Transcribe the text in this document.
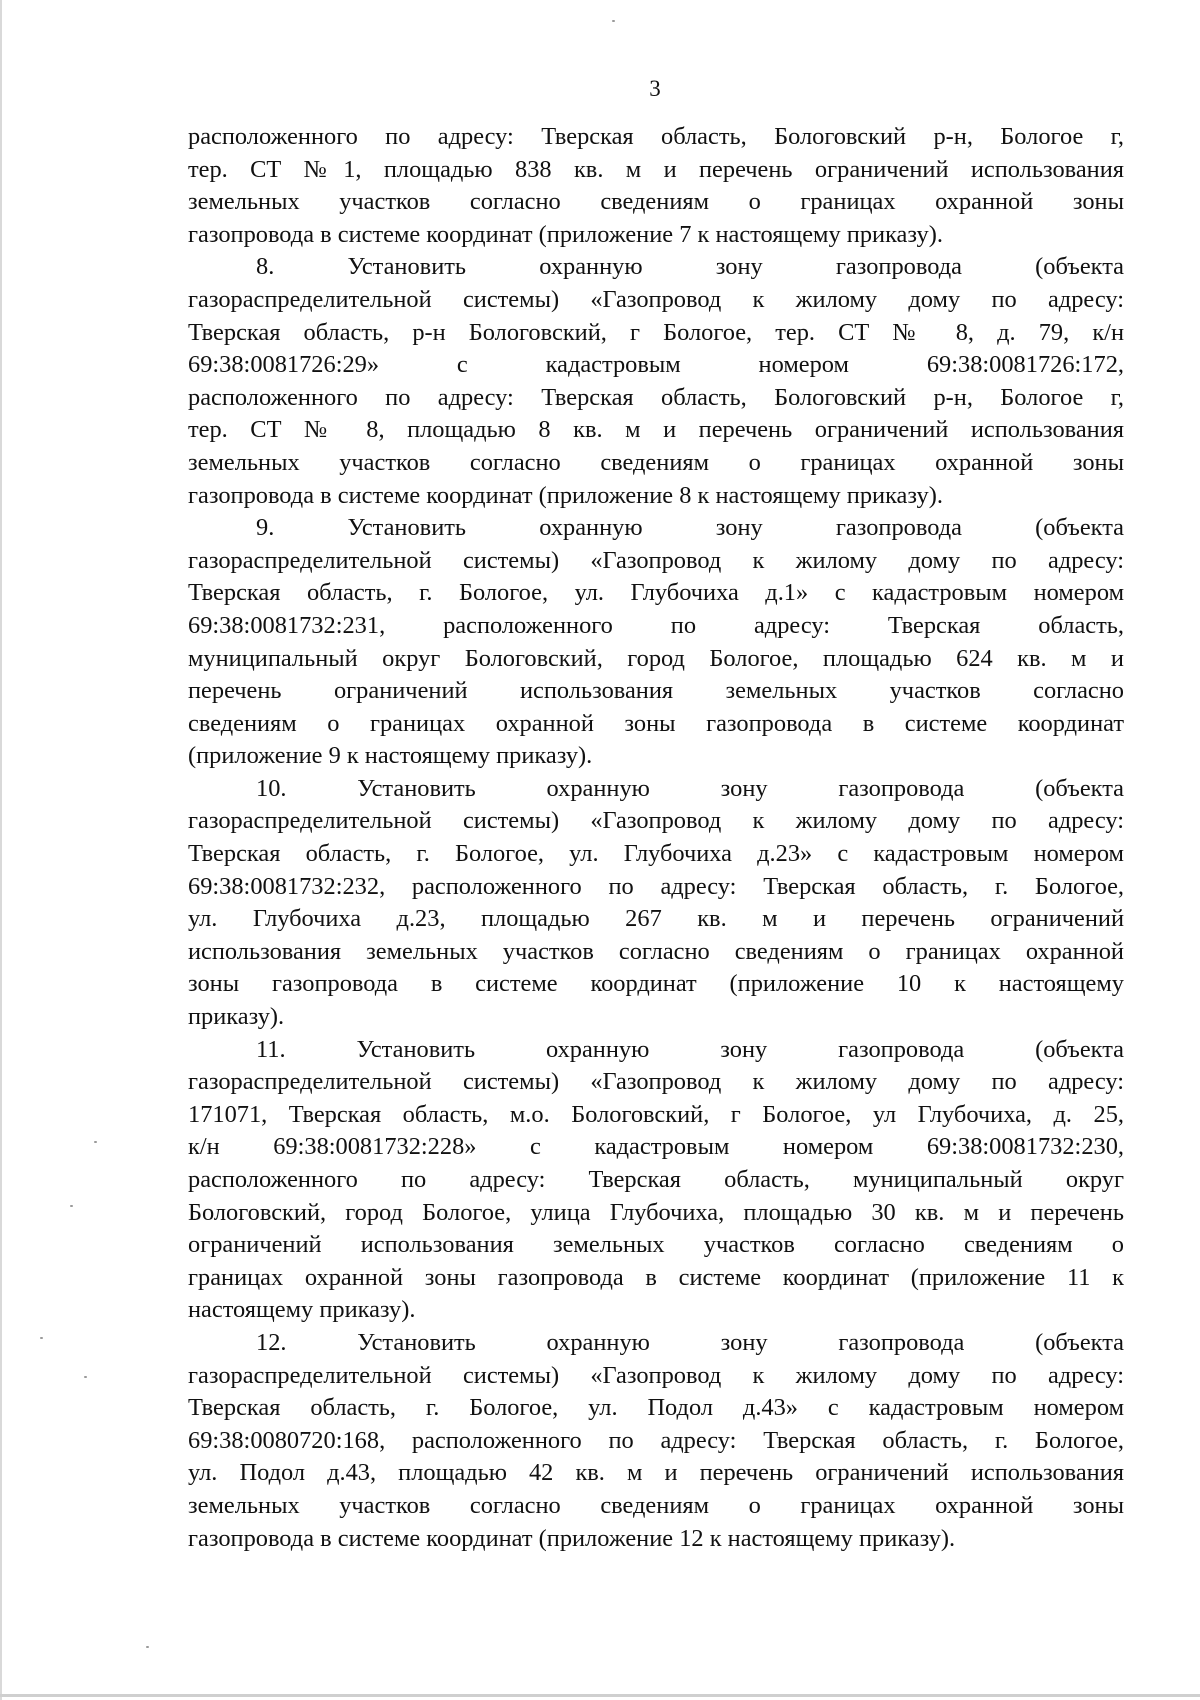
3
расположенного по адресу: Тверская область, Бологовский р-н, Бологое г,
тер. СТ №1, площадью 838 кв. м и перечень ограничений использования
земельных участков согласно сведениям о границах охранной зоны
газопровода в системе координат (приложение 7 к настоящему приказу).
8. Установить охранную зону газопровода (объекта
газораспределительной системы) «Газопровод к жилому дому по адресу:
Тверская область, р-н Бологовский, г Бологое, тер. СТ № 8, д. 79, к/н
69:38:0081726:29» с кадастровым номером 69:38:0081726:172,
расположенного по адресу: Тверская область, Бологовский р-н, Бологое г,
тер. СТ № 8, площадью 8 кв. м и перечень ограничений использования
земельных участков согласно сведениям о границах охранной зоны
газопровода в системе координат (приложение 8 к настоящему приказу).
9. Установить охранную зону газопровода (объекта
газораспределительной системы) «Газопровод к жилому дому по адресу:
Тверская область, г. Бологое, ул. Глубочиха д.1» с кадастровым номером
69:38:0081732:231, расположенного по адресу: Тверская область,
муниципальный округ Бологовский, город Бологое, площадью 624 кв. м и
перечень ограничений использования земельных участков согласно
сведениям о границах охранной зоны газопровода в системе координат
(приложение 9 к настоящему приказу).
10. Установить охранную зону газопровода (объекта
газораспределительной системы) «Газопровод к жилому дому по адресу:
Тверская область, г. Бологое, ул. Глубочиха д.23» с кадастровым номером
69:38:0081732:232, расположенного по адресу: Тверская область, г. Бологое,
ул. Глубочиха д.23, площадью 267 кв. м и перечень ограничений
использования земельных участков согласно сведениям о границах охранной
зоны газопровода в системе координат (приложение 10 к настоящему
приказу).
11. Установить охранную зону газопровода (объекта
газораспределительной системы) «Газопровод к жилому дому по адресу:
171071, Тверская область, м.о. Бологовский, г Бологое, ул Глубочиха, д. 25,
к/н 69:38:0081732:228» с кадастровым номером 69:38:0081732:230,
расположенного по адресу: Тверская область, муниципальный округ
Бологовский, город Бологое, улица Глубочиха, площадью 30 кв. м и перечень
ограничений использования земельных участков согласно сведениям о
границах охранной зоны газопровода в системе координат (приложение 11 к
настоящему приказу).
12. Установить охранную зону газопровода (объекта
газораспределительной системы) «Газопровод к жилому дому по адресу:
Тверская область, г. Бологое, ул. Подол д.43» с кадастровым номером
69:38:0080720:168, расположенного по адресу: Тверская область, г. Бологое,
ул. Подол д.43, площадью 42 кв. м и перечень ограничений использования
земельных участков согласно сведениям о границах охранной зоны
газопровода в системе координат (приложение 12 к настоящему приказу).
